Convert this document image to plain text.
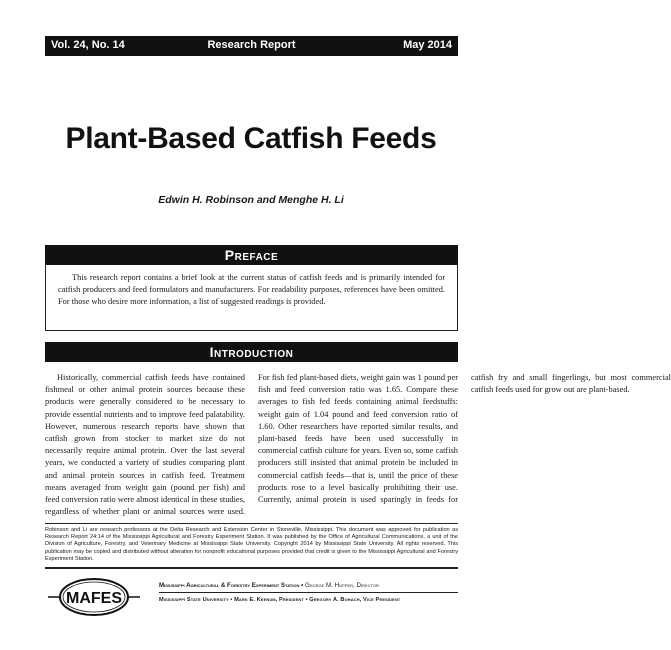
Vol. 24, No. 14	Research Report	May 2014
Plant-Based Catfish Feeds
Edwin H. Robinson and Menghe H. Li
Preface
This research report contains a brief look at the current status of catfish feeds and is primarily intended for catfish producers and feed formulators and manufacturers. For readability purposes, references have been omitted. For those who desire more information, a list of suggested readings is provided.
Introduction

Historically, commercial catfish feeds have contained fishmeal or other animal protein sources because these products were generally considered to be necessary to provide essential nutrients and to improve feed palatability. However, numerous research reports have shown that catfish grown from stocker to market size do not necessarily require animal protein. Over the last several years, we conducted a variety of studies comparing plant and animal protein sources in catfish feed. Treatment means averaged from weight gain (pound per fish) and feed conversion ratio were almost identical in these studies, regardless of whether plant or animal sources were used. For fish fed plant-based diets, weight gain was 1 pound per fish and feed conversion ratio was 1.65. Compare these averages to fish fed feeds containing animal feedstuffs: weight gain of 1.04 pound and feed conversion ratio of 1.60. Other researchers have reported similar results, and plant-based feeds have been used successfully in commercial catfish culture for years. Even so, some catfish producers still insisted that animal protein be included in commercial catfish feeds—that is, until the price of these products rose to a level basically prohibiting their use. Currently, animal protein is used sparingly in feeds for catfish fry and small fingerlings, but most commercial catfish feeds used for grow out are plant-based.

Robinson and Li are research professors at the Delta Research and Extension Center in Stoneville, Mississippi. This document was approved for publication as Research Report 24:14 of the Mississippi Agricultural and Forestry Experiment Station. It was published by the Office of Agricultural Communications, a unit of the Division of Agriculture, Forestry, and Veterinary Medicine at Mississippi State University. Copyright 2014 by Mississippi State University. All rights reserved. This publication may be copied and distributed without alteration for nonprofit educational purposes provided that credit is given to the Mississippi Agricultural and Forestry Experiment Station.
MAFES
Mississippi Agricultural & Forestry Experiment Station • George M. Hopper, Director
Mississippi State University • Mark E. Keenum, President • Gregory A. Bohach, Vice President
